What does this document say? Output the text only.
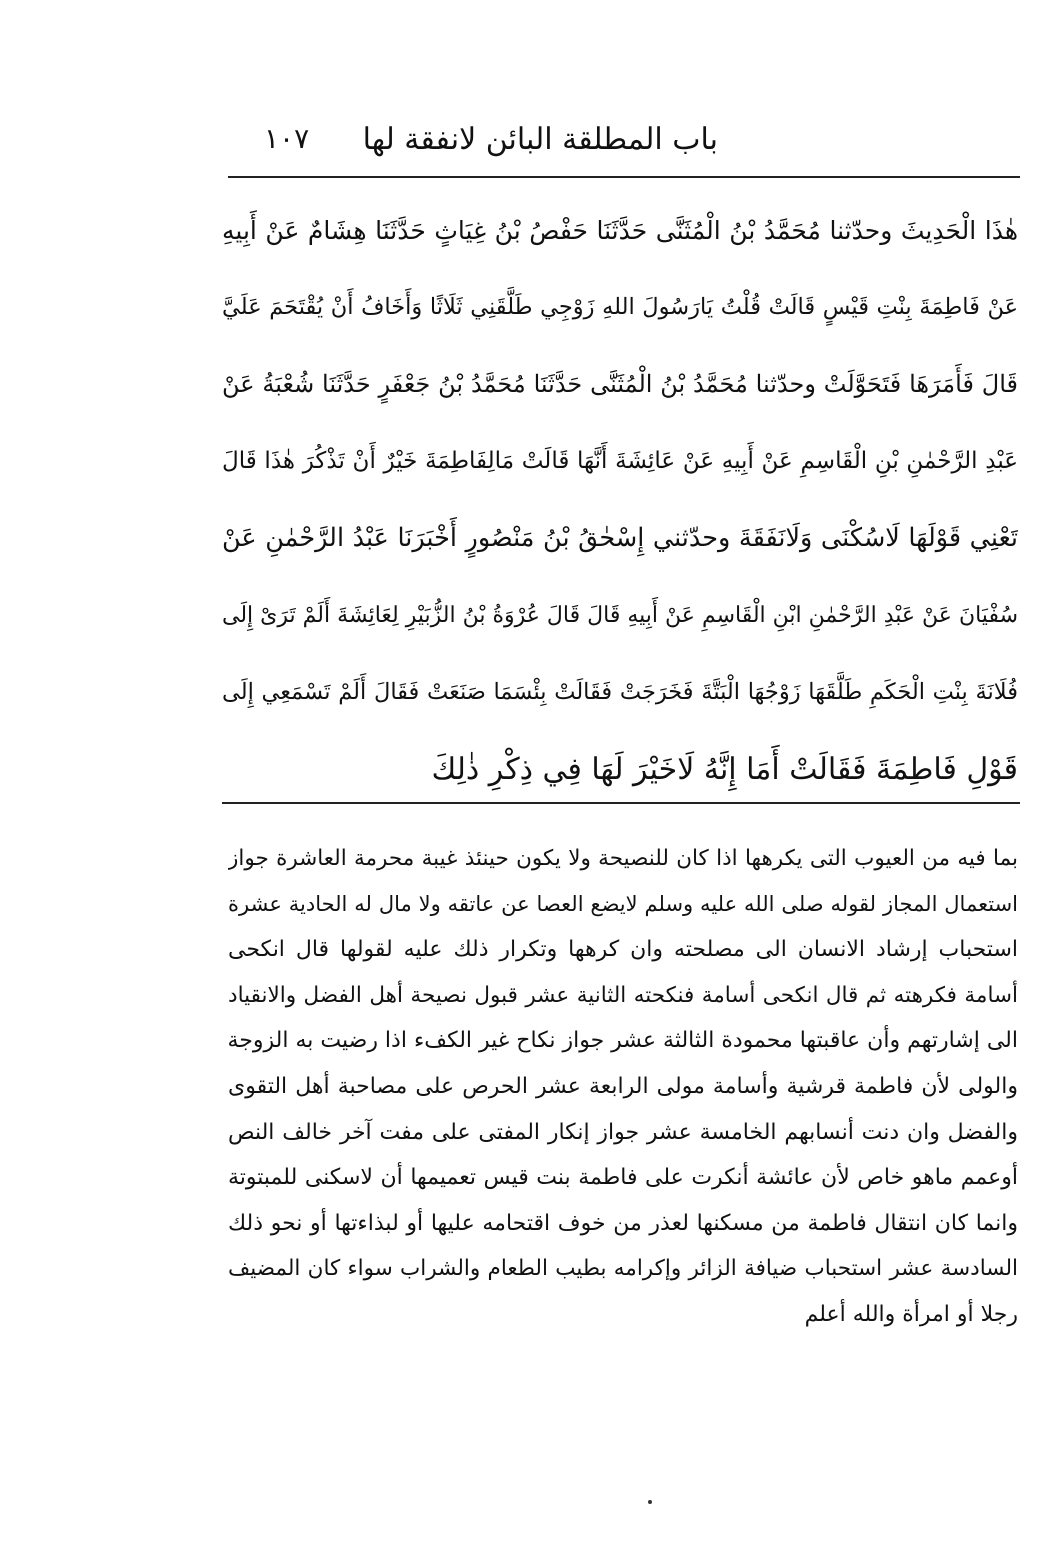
باب المطلقة البائن لانفقة لها
١٠٧
هٰذَا الْحَدِيثَ وحدّثنا مُحَمَّدُ بْنُ الْمُثَنَّى حَدَّثَنَا حَفْصُ بْنُ غِيَاثٍ حَدَّثَنَا هِشَامٌ عَنْ أَبِيهِ
عَنْ فَاطِمَةَ بِنْتِ قَيْسٍ قَالَتْ قُلْتُ يَارَسُولَ اللهِ زَوْجِي طَلَّقَنِي ثَلَاثًا وَأَخَافُ أَنْ يُقْتَحَمَ عَلَيَّ
قَالَ فَأَمَرَهَا فَتَحَوَّلَتْ وحدّثنا مُحَمَّدُ بْنُ الْمُثَنَّى حَدَّثَنَا مُحَمَّدُ بْنُ جَعْفَرٍ حَدَّثَنَا شُعْبَةُ عَنْ
عَبْدِ الرَّحْمٰنِ بْنِ الْقَاسِمِ عَنْ أَبِيهِ عَنْ عَائِشَةَ أَنَّهَا قَالَتْ مَالِفَاطِمَةَ خَيْرٌ أَنْ تَذْكُرَ هٰذَا قَالَ
تَعْنِي قَوْلَهَا لَاسُكْنَى وَلَانَفَقَةَ وحدّثني إِسْحٰقُ بْنُ مَنْصُورٍ أَخْبَرَنَا عَبْدُ الرَّحْمٰنِ عَنْ
سُفْيَانَ عَنْ عَبْدِ الرَّحْمٰنِ ابْنِ الْقَاسِمِ عَنْ أَبِيهِ قَالَ قَالَ عُرْوَةُ بْنُ الزُّبَيْرِ لِعَائِشَةَ أَلَمْ تَرَىْ إِلَى
فُلَانَةَ بِنْتِ الْحَكَمِ طَلَّقَهَا زَوْجُهَا الْبَتَّةَ فَخَرَجَتْ فَقَالَتْ بِئْسَمَا صَنَعَتْ فَقَالَ أَلَمْ تَسْمَعِي إِلَى
قَوْلِ فَاطِمَةَ فَقَالَتْ أَمَا إِنَّهُ لَاخَيْرَ لَهَا فِي ذِكْرِ ذٰلِكَ
بما فيه من العيوب التى يكرهها اذا كان للنصيحة ولا يكون حينئذ غيبة محرمة العاشرة جواز
استعمال المجاز لقوله صلى الله عليه وسلم لايضع العصا عن عاتقه ولا مال له الحادية عشرة
استحباب إرشاد الانسان الى مصلحته وان كرهها وتكرار ذلك عليه لقولها قال انكحى
أسامة فكرهته ثم قال انكحى أسامة فنكحته الثانية عشر قبول نصيحة أهل الفضل والانقياد
الى إشارتهم وأن عاقبتها محمودة الثالثة عشر جواز نكاح غير الكفء اذا رضيت به الزوجة
والولى لأن فاطمة قرشية وأسامة مولى الرابعة عشر الحرص على مصاحبة أهل التقوى
والفضل وان دنت أنسابهم الخامسة عشر جواز إنكار المفتى على مفت آخر خالف النص
أوعمم ماهو خاص لأن عائشة أنكرت على فاطمة بنت قيس تعميمها أن لاسكنى للمبتوتة
وانما كان انتقال فاطمة من مسكنها لعذر من خوف اقتحامه عليها أو لبذاءتها أو نحو ذلك
السادسة عشر استحباب ضيافة الزائر وإكرامه بطيب الطعام والشراب سواء كان المضيف
رجلا أو امرأة والله أعلم
